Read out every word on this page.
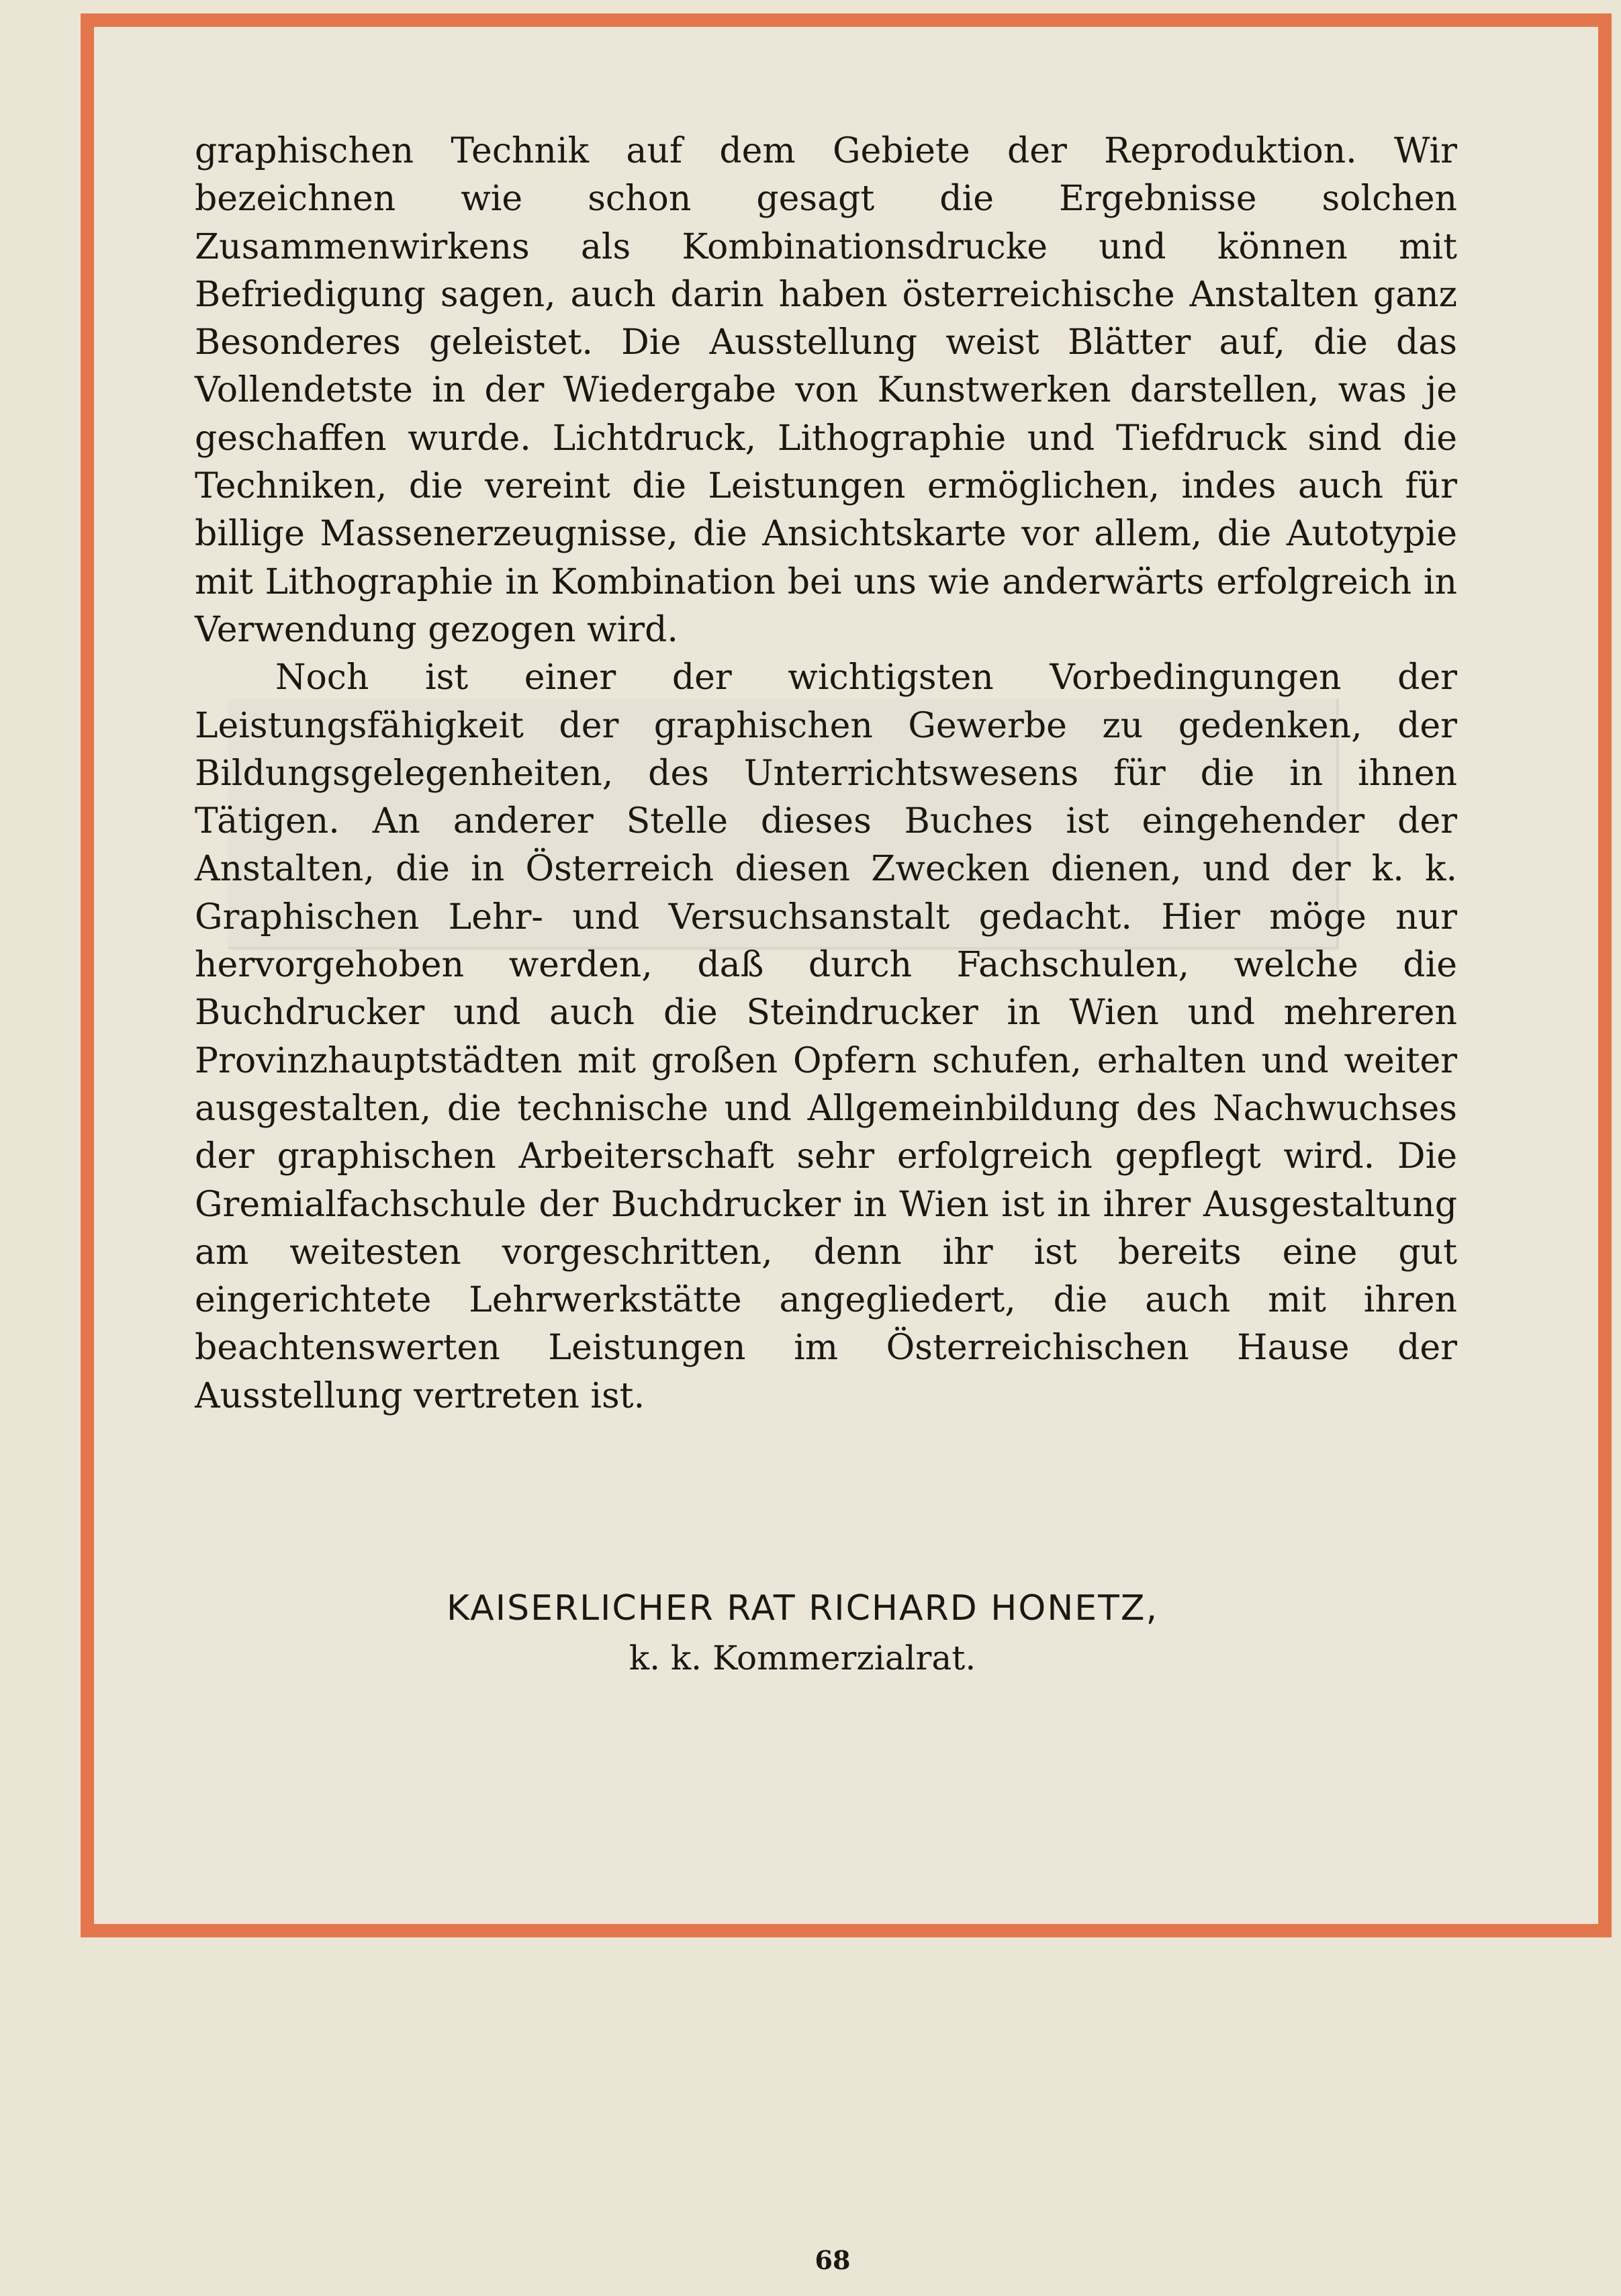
graphischen Technik auf dem Gebiete der Reproduktion. Wir bezeichnen wie schon gesagt die Ergebnisse solchen Zusammenwirkens als Kombinationsdrucke und können mit Befriedigung sagen, auch darin haben österreichische Anstalten ganz Besonderes geleistet. Die Ausstellung weist Blätter auf, die das Vollendetste in der Wiedergabe von Kunstwerken darstellen, was je geschaffen wurde. Lichtdruck, Lithographie und Tiefdruck sind die Techniken, die vereint die Leistungen ermöglichen, indes auch für billige Massenerzeugnisse, die Ansichtskarte vor allem, die Autotypie mit Lithographie in Kombination bei uns wie anderwärts erfolgreich in Verwendung gezogen wird.

Noch ist einer der wichtigsten Vorbedingungen der Leistungsfähigkeit der graphischen Gewerbe zu gedenken, der Bildungsgelegenheiten, des Unterrichtswesens für die in ihnen Tätigen. An anderer Stelle dieses Buches ist eingehender der Anstalten, die in Österreich diesen Zwecken dienen, und der k. k. Graphischen Lehr- und Versuchsanstalt gedacht. Hier möge nur hervorgehoben werden, daß durch Fachschulen, welche die Buchdrucker und auch die Steindrucker in Wien und mehreren Provinzhauptstädten mit großen Opfern schufen, erhalten und weiter ausgestalten, die technische und Allgemeinbildung des Nachwuchses der graphischen Arbeiterschaft sehr erfolgreich gepflegt wird. Die Gremialfachschule der Buchdrucker in Wien ist in ihrer Ausgestaltung am weitesten vorgeschritten, denn ihr ist bereits eine gut eingerichtete Lehrwerkstätte angegliedert, die auch mit ihren beachtenswerten Leistungen im Österreichischen Hause der Ausstellung vertreten ist.

KAISERLICHER RAT RICHARD HONETZ,
k. k. Kommerzialrat.
68
